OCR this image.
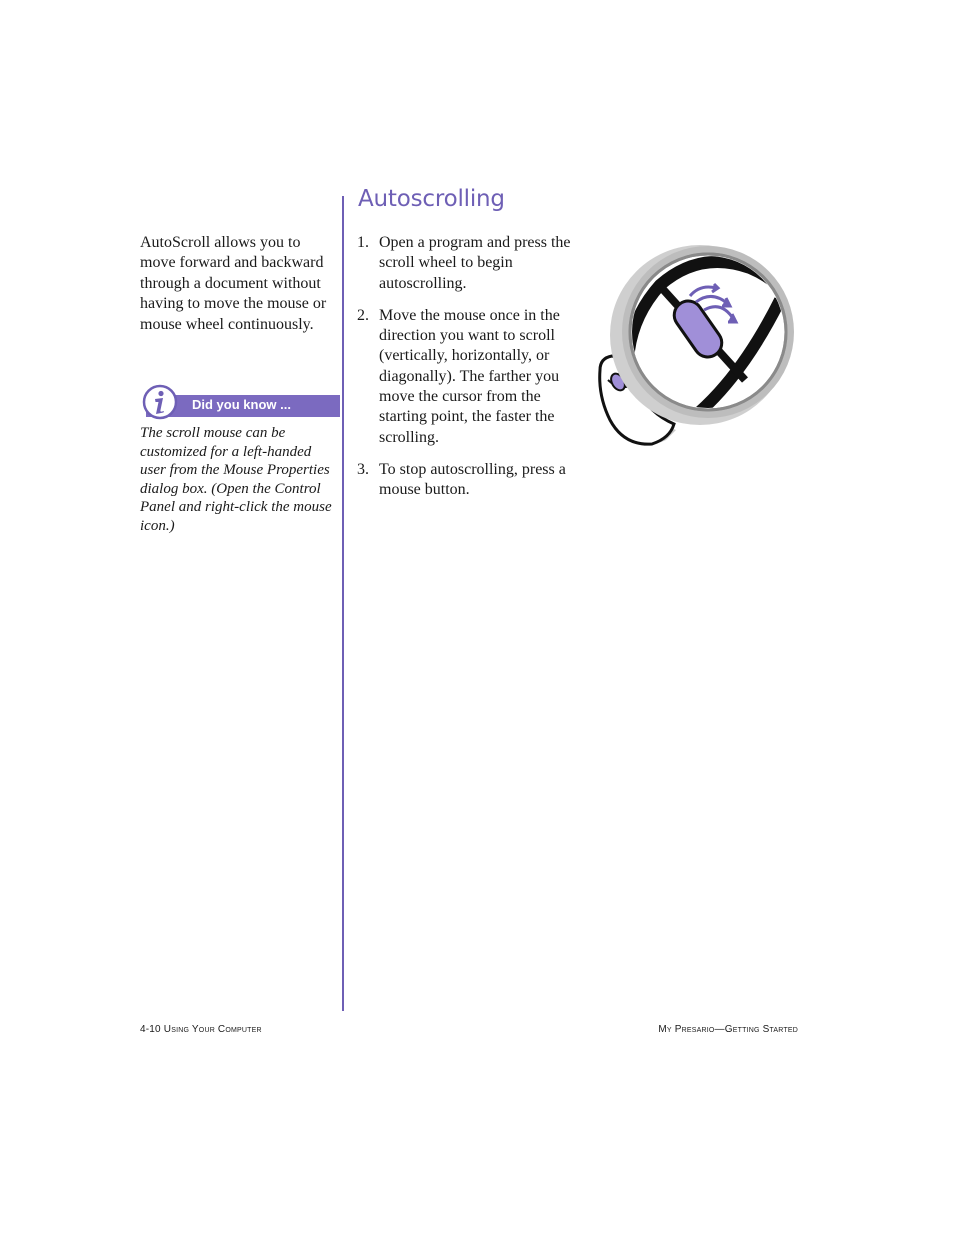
AutoScroll allows you to move forward and backward through a document without having to move the mouse or mouse wheel continuously.

Did you know ...

The scroll mouse can be customized for a left-handed user from the Mouse Properties dialog box. (Open the Control Panel and right-click the mouse icon.)

Autoscrolling
1. Open a program and press the scroll wheel to begin autoscrolling.
2. Move the mouse once in the direction you want to scroll (vertically, horizontally, or diagonally). The farther you move the cursor from the starting point, the faster the scrolling.
3. To stop autoscrolling, press a mouse button.
4-10 Using Your Computer	My Presario—Getting Started
